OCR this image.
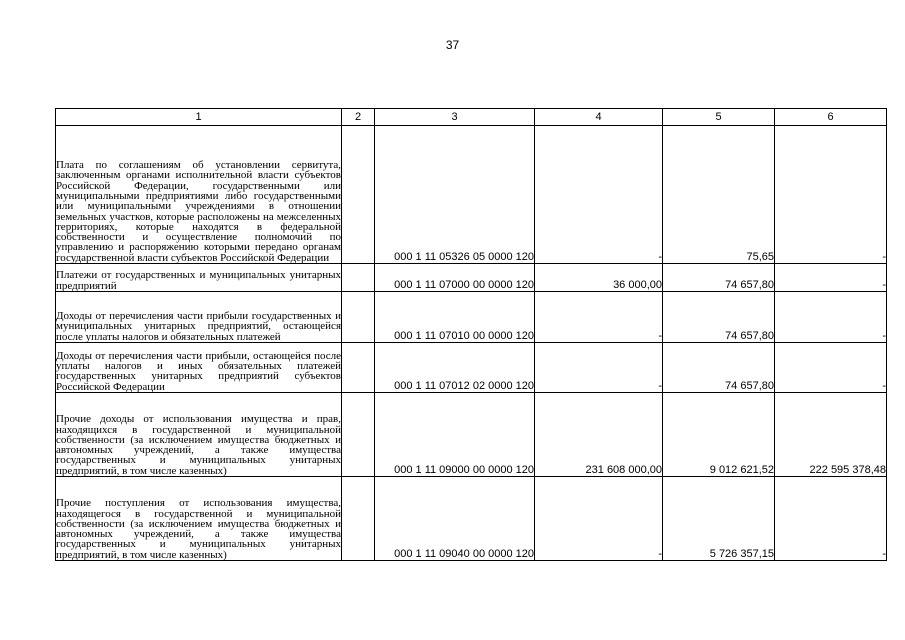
37
1	2	3	4	5	6
Плата по соглашениям об установлении сервитута, заключенным органами исполнительной власти субъектов Российской Федерации, государственными или муниципальными предприятиями либо государственными или муниципальными учреждениями в отношении земельных участков, которые расположены на межселенных территориях, которые находятся в федеральной собственности и осуществление полномочий по управлению и распоряжению которыми передано органам государственной власти субъектов Российской Федерации		000 1 11 05326 05 0000 120	-	75,65	-
Платежи от государственных и муниципальных унитарных предприятий		000 1 11 07000 00 0000 120	36 000,00	74 657,80	-
Доходы от перечисления части прибыли государственных и муниципальных унитарных предприятий, остающейся после уплаты налогов и обязательных платежей		000 1 11 07010 00 0000 120	-	74 657,80	-
Доходы от перечисления части прибыли, остающейся после уплаты налогов и иных обязательных платежей государственных унитарных предприятий субъектов Российской Федерации		000 1 11 07012 02 0000 120	-	74 657,80	-
Прочие доходы от использования имущества и прав, находящихся в государственной и муниципальной собственности (за исключением имущества бюджетных и автономных учреждений, а также имущества государственных и муниципальных унитарных предприятий, в том числе казенных)		000 1 11 09000 00 0000 120	231 608 000,00	9 012 621,52	222 595 378,48
Прочие поступления от использования имущества, находящегося в государственной и муниципальной собственности (за исключением имущества бюджетных и автономных учреждений, а также имущества государственных и муниципальных унитарных предприятий, в том числе казенных)		000 1 11 09040 00 0000 120	-	5 726 357,15	-
